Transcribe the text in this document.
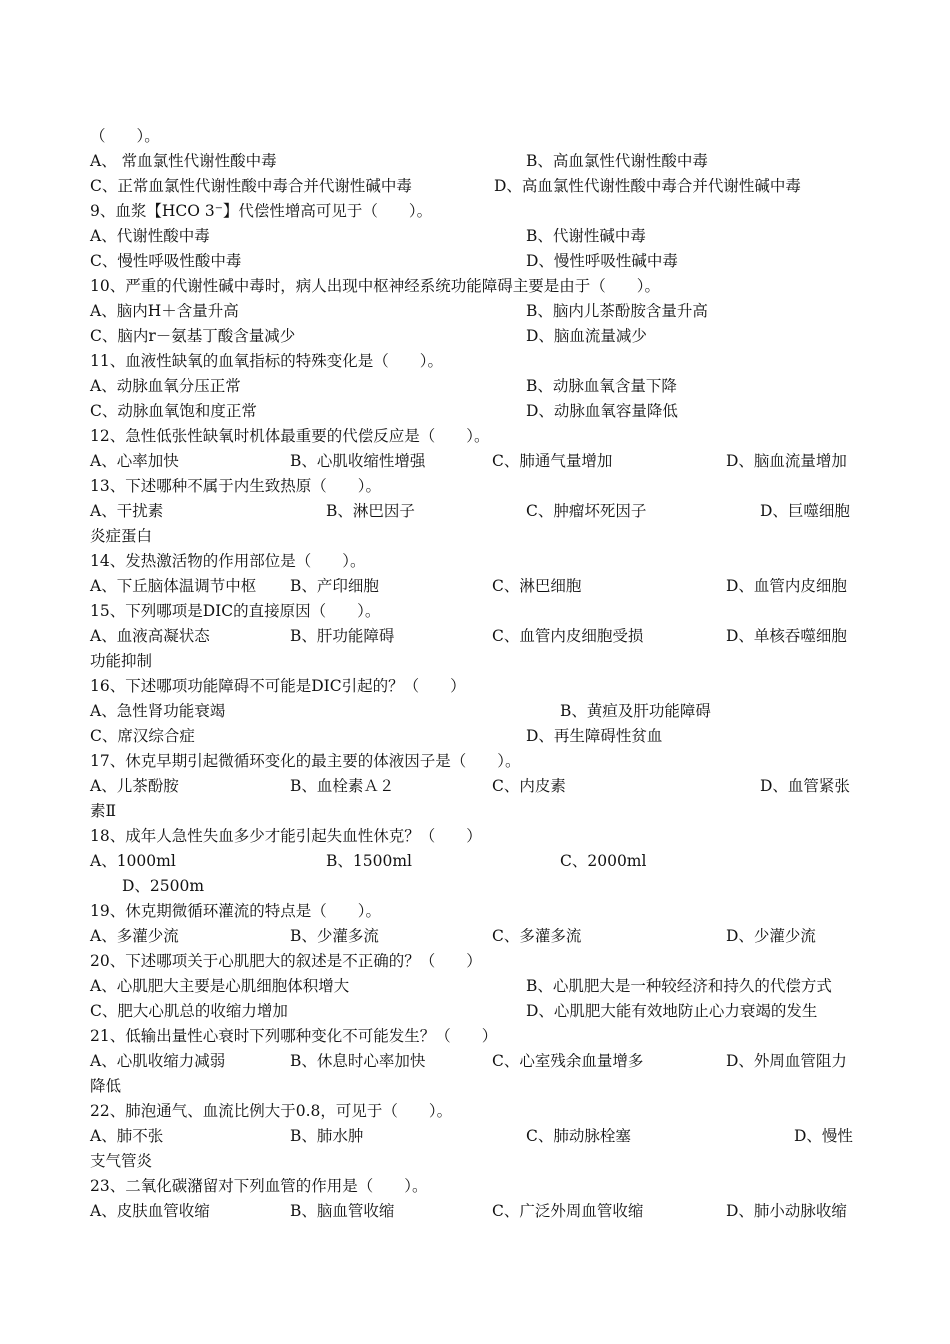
（　　）。
A、 常血氯性代谢性酸中毒	B、高血氯性代谢性酸中毒
C、正常血氯性代谢性酸中毒合并代谢性碱中毒	D、高血氯性代谢性酸中毒合并代谢性碱中毒
9、血浆【HCO 3⁻】代偿性增高可见于（　　）。
A、代谢性酸中毒	B、代谢性碱中毒
C、慢性呼吸性酸中毒	D、慢性呼吸性碱中毒
10、严重的代谢性碱中毒时，病人出现中枢神经系统功能障碍主要是由于（　　）。
A、脑内H＋含量升高	B、脑内儿茶酚胺含量升高
C、脑内r－氨基丁酸含量减少	D、脑血流量减少
11、血液性缺氧的血氧指标的特殊变化是（　　）。
A、动脉血氧分压正常	B、动脉血氧含量下降
C、动脉血氧饱和度正常	D、动脉血氧容量降低
12、急性低张性缺氧时机体最重要的代偿反应是（　　）。
A、心率加快	B、心肌收缩性增强	C、肺通气量增加	D、脑血流量增加
13、下述哪种不属于内生致热原（　　）。
A、干扰素	B、淋巴因子	C、肿瘤坏死因子	D、巨噬细胞
炎症蛋白
14、发热激活物的作用部位是（　　）。
A、下丘脑体温调节中枢 B、产印细胞	C、淋巴细胞	D、血管内皮细胞
15、下列哪项是DIC的直接原因（　　）。
A、血液高凝状态	B、肝功能障碍	C、血管内皮细胞受损	D、单核吞噬细胞
功能抑制
16、下述哪项功能障碍不可能是DIC引起的？（　　）
A、急性肾功能衰竭	B、黄疸及肝功能障碍
C、席汉综合症	D、再生障碍性贫血
17、休克早期引起微循环变化的最主要的体液因子是（　　）。
A、儿茶酚胺	B、血栓素Ａ２	C、内皮素	D、血管紧张
素Ⅱ
18、成年人急性失血多少才能引起失血性休克？（　　）
A、1000ml	B、1500ml	C、2000ml
D、2500m
19、休克期微循环灌流的特点是（　　）。
A、多灌少流	B、少灌多流	C、多灌多流	D、少灌少流
20、下述哪项关于心肌肥大的叙述是不正确的？（　　）
A、心肌肥大主要是心肌细胞体积增大	B、心肌肥大是一种较经济和持久的代偿方式
C、肥大心肌总的收缩力增加	D、心肌肥大能有效地防止心力衰竭的发生
21、低输出量性心衰时下列哪种变化不可能发生？（　　）
A、心肌收缩力减弱	B、休息时心率加快	C、心室残余血量增多	D、外周血管阻力
降低
22、肺泡通气、血流比例大于0.8，可见于（　　）。
A、肺不张	B、肺水肿	C、肺动脉栓塞	D、慢性
支气管炎
23、二氧化碳潴留对下列血管的作用是（　　）。
A、皮肤血管收缩	B、脑血管收缩	C、广泛外周血管收缩	D、肺小动脉收缩
